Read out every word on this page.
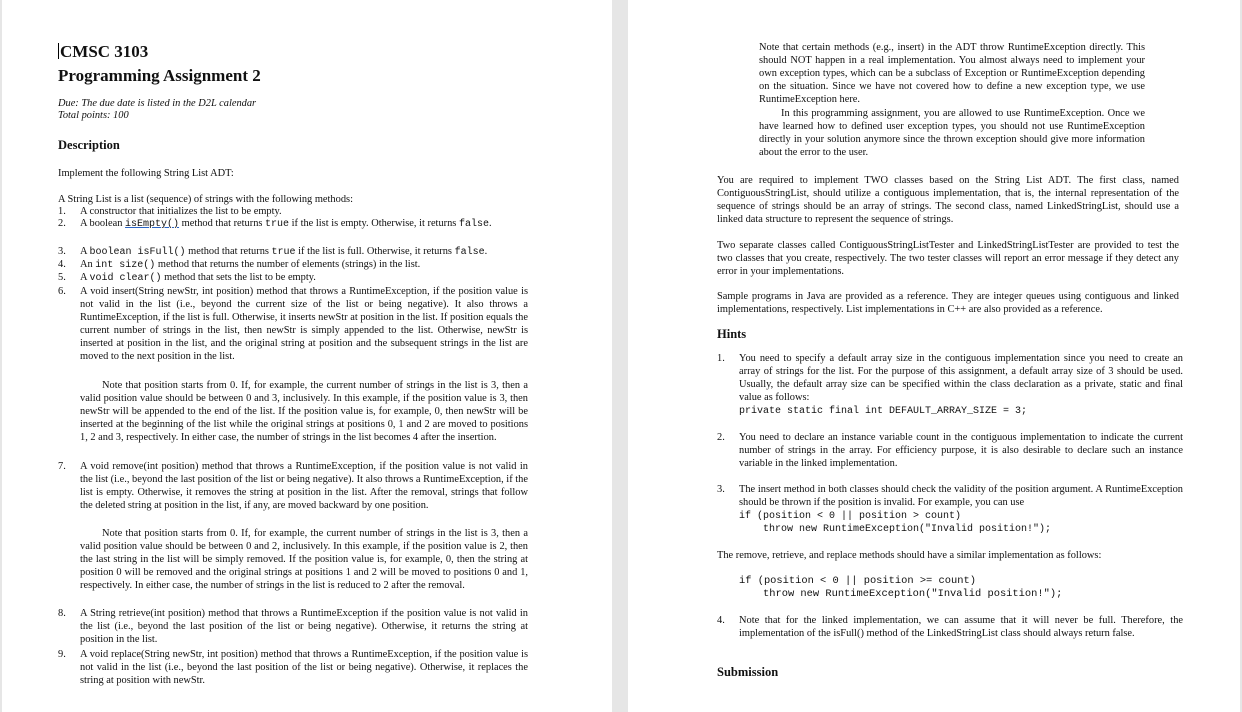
CMSC 3103
Programming Assignment 2
Due: The due date is listed in the D2L calendar
Total points: 100
Description
Implement the following String List ADT:
A String List is a list (sequence) of strings with the following methods:
1.	A constructor that initializes the list to be empty.
2.	A boolean isEmpty() method that returns true if the list is empty. Otherwise, it returns false.
3.	A boolean isFull() method that returns true if the list is full. Otherwise, it returns false.
4.	An int size() method that returns the number of elements (strings) in the list.
5.	A void clear() method that sets the list to be empty.
6.	A void insert(String newStr, int position) method that throws a RuntimeException, if the position value is not valid in the list (i.e., beyond the current size of the list or being negative). It also throws a RuntimeException, if the list is full. Otherwise, it inserts newStr at position in the list. If position equals the current number of strings in the list, then newStr is simply appended to the list. Otherwise, newStr is inserted at position in the list, and the original string at position and the subsequent strings in the list are moved to the next position in the list.
Note that position starts from 0. If, for example, the current number of strings in the list is 3, then a valid position value should be between 0 and 3, inclusively. In this example, if the position value is 3, then newStr will be appended to the end of the list. If the position value is, for example, 0, then newStr will be inserted at the beginning of the list while the original strings at positions 0, 1 and 2 are moved to positions 1, 2 and 3, respectively. In either case, the number of strings in the list becomes 4 after the insertion.
7.	A void remove(int position) method that throws a RuntimeException, if the position value is not valid in the list (i.e., beyond the last position of the list or being negative). It also throws a RuntimeException, if the list is empty. Otherwise, it removes the string at position in the list. After the removal, strings that follow the deleted string at position in the list, if any, are moved backward by one position.
Note that position starts from 0. If, for example, the current number of strings in the list is 3, then a valid position value should be between 0 and 2, inclusively. In this example, if the position value is 2, then the last string in the list will be simply removed. If the position value is, for example, 0, then the string at position 0 will be removed and the original strings at positions 1 and 2 will be moved to positions 0 and 1, respectively. In either case, the number of strings in the list is reduced to 2 after the removal.
8.	A String retrieve(int position) method that throws a RuntimeException if the position value is not valid in the list (i.e., beyond the last position of the list or being negative). Otherwise, it returns the string at position in the list.
9.	A void replace(String newStr, int position) method that throws a RuntimeException, if the position value is not valid in the list (i.e., beyond the last position of the list or being negative). Otherwise, it replaces the string at position with newStr.
Note that certain methods (e.g., insert) in the ADT throw RuntimeException directly. This should NOT happen in a real implementation. You almost always need to implement your own exception types, which can be a subclass of Exception or RuntimeException depending on the situation. Since we have not covered how to define a new exception type, we use RuntimeException here.
In this programming assignment, you are allowed to use RuntimeException. Once we have learned how to defined user exception types, you should not use RuntimeException directly in your solution anymore since the thrown exception should give more information about the error to the user.
You are required to implement TWO classes based on the String List ADT. The first class, named ContiguousStringList, should utilize a contiguous implementation, that is, the internal representation of the sequence of strings should be an array of strings. The second class, named LinkedStringList, should use a linked data structure to represent the sequence of strings.
Two separate classes called ContiguousStringListTester and LinkedStringListTester are provided to test the two classes that you create, respectively. The two tester classes will report an error message if they detect any error in your implementations.
Sample programs in Java are provided as a reference. They are integer queues using contiguous and linked implementations, respectively. List implementations in C++ are also provided as a reference.
Hints
1.	You need to specify a default array size in the contiguous implementation since you need to create an array of strings for the list. For the purpose of this assignment, a default array size of 3 should be used. Usually, the default array size can be specified within the class declaration as a private, static and final value as follows:
private static final int DEFAULT_ARRAY_SIZE = 3;
2.	You need to declare an instance variable count in the contiguous implementation to indicate the current number of strings in the array. For efficiency purpose, it is also desirable to declare such an instance variable in the linked implementation.
3.	The insert method in both classes should check the validity of the position argument. A RuntimeException should be thrown if the position is invalid. For example, you can use
if (position < 0 || position > count)
throw new RuntimeException("Invalid position!");
The remove, retrieve, and replace methods should have a similar implementation as follows:
if (position < 0 || position >= count)
throw new RuntimeException("Invalid position!");
4.	Note that for the linked implementation, we can assume that it will never be full. Therefore, the implementation of the isFull() method of the LinkedStringList class should always return false.
Submission
